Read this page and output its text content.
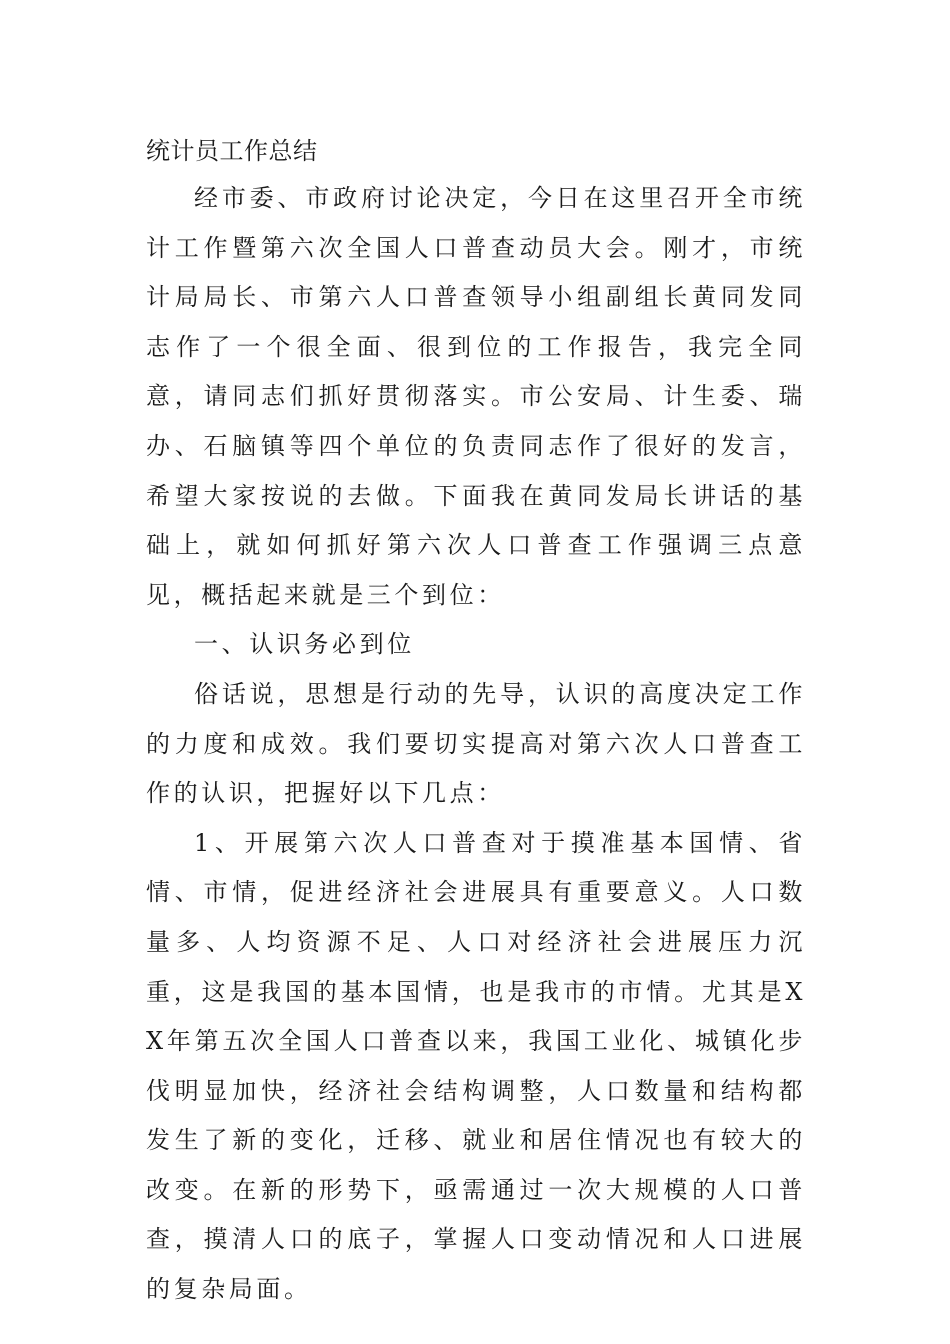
统计员工作总结

经市委、市政府讨论决定，今日在这里召开全市统计工作暨第六次全国人口普查动员大会。刚才，市统计局局长、市第六人口普查领导小组副组长黄同发同志作了一个很全面、很到位的工作报告，我完全同意，请同志们抓好贯彻落实。市公安局、计生委、瑞办、石脑镇等四个单位的负责同志作了很好的发言，希望大家按说的去做。下面我在黄同发局长讲话的基础上，就如何抓好第六次人口普查工作强调三点意见，概括起来就是三个到位：

一、认识务必到位

俗话说，思想是行动的先导，认识的高度决定工作的力度和成效。我们要切实提高对第六次人口普查工作的认识，把握好以下几点：

1、开展第六次人口普查对于摸准基本国情、省情、市情，促进经济社会进展具有重要意义。人口数量多、人均资源不足、人口对经济社会进展压力沉重，这是我国的基本国情，也是我市的市情。尤其是XX年第五次全国人口普查以来，我国工业化、城镇化步伐明显加快，经济社会结构调整，人口数量和结构都发生了新的变化，迁移、就业和居住情况也有较大的改变。在新的形势下，亟需通过一次大规模的人口普查，摸清人口的底子，掌握人口变动情况和人口进展的复杂局面。
